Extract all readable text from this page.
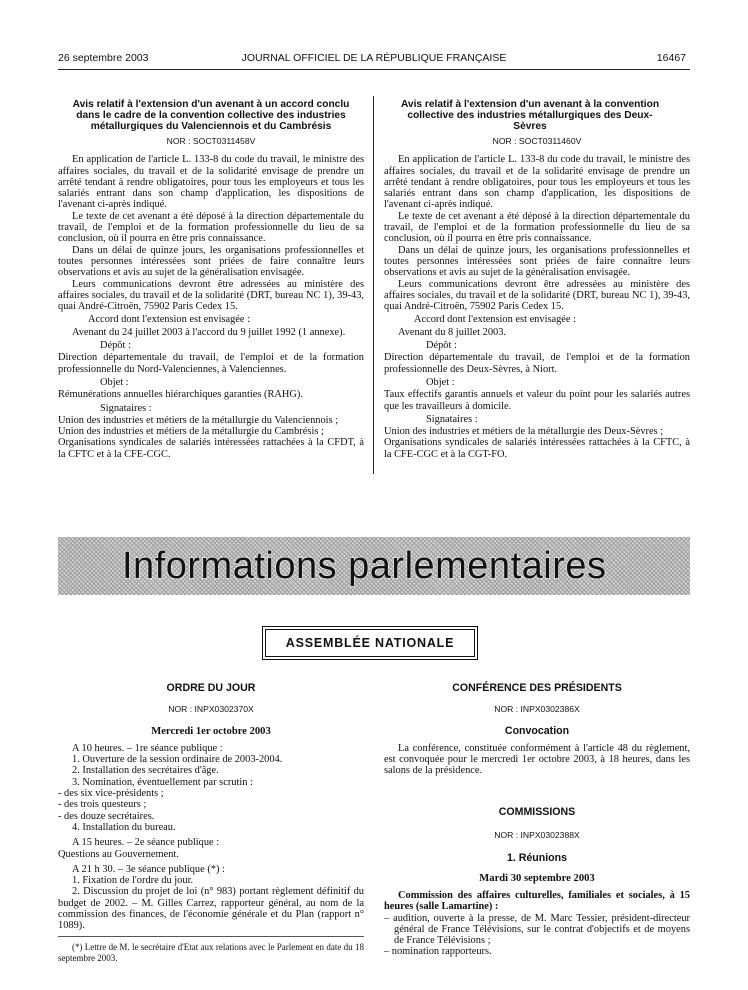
26 septembre 2003	JOURNAL OFFICIEL DE LA RÉPUBLIQUE FRANÇAISE	16467
Avis relatif à l'extension d'un avenant à un accord conclu dans le cadre de la convention collective des industries métallurgiques du Valenciennois et du Cambrésis
NOR : SOCT0311458V

En application de l'article L. 133-8 du code du travail, le ministre des affaires sociales, du travail et de la solidarité envisage de prendre un arrêté tendant à rendre obligatoires, pour tous les employeurs et tous les salariés entrant dans son champ d'application, les dispositions de l'avenant ci-après indiqué.

Le texte de cet avenant a été déposé à la direction départementale du travail, de l'emploi et de la formation professionnelle du lieu de sa conclusion, où il pourra en être pris connaissance.

Dans un délai de quinze jours, les organisations professionnelles et toutes personnes intéressées sont priées de faire connaître leurs observations et avis au sujet de la généralisation envisagée.

Leurs communications devront être adressées au ministère des affaires sociales, du travail et de la solidarité (DRT, bureau NC 1), 39-43, quai André-Citroën, 75902 Paris Cedex 15.

Accord dont l'extension est envisagée :

Avenant du 24 juillet 2003 à l'accord du 9 juillet 1992 (1 annexe).

Dépôt :

Direction départementale du travail, de l'emploi et de la formation professionnelle du Nord-Valenciennes, à Valenciennes.

Objet :

Rémunérations annuelles hiérarchiques garanties (RAHG).

Signataires :

Union des industries et métiers de la métallurgie du Valenciennois ;

Union des industries et métiers de la métallurgie du Cambrésis ;

Organisations syndicales de salariés intéressées rattachées à la CFDT, à la CFTC et à la CFE-CGC.

Avis relatif à l'extension d'un avenant à la convention collective des industries métallurgiques des Deux-Sèvres
NOR : SOCT0311460V

En application de l'article L. 133-8 du code du travail, le ministre des affaires sociales, du travail et de la solidarité envisage de prendre un arrêté tendant à rendre obligatoires, pour tous les employeurs et tous les salariés entrant dans son champ d'application, les dispositions de l'avenant ci-après indiqué.

Le texte de cet avenant a été déposé à la direction départementale du travail, de l'emploi et de la formation professionnelle du lieu de sa conclusion, où il pourra en être pris connaissance.

Dans un délai de quinze jours, les organisations professionnelles et toutes personnes intéressées sont priées de faire connaître leurs observations et avis au sujet de la généralisation envisagée.

Leurs communications devront être adressées au ministère des affaires sociales, du travail et de la solidarité (DRT, bureau NC 1), 39-43, quai André-Citroën, 75902 Paris Cedex 15.

Accord dont l'extension est envisagée :

Avenant du 8 juillet 2003.

Dépôt :

Direction départementale du travail, de l'emploi et de la formation professionnelle des Deux-Sèvres, à Niort.

Objet :

Taux effectifs garantis annuels et valeur du point pour les salariés autres que les travailleurs à domicile.

Signataires :

Union des industries et métiers de la métallurgie des Deux-Sèvres ;

Organisations syndicales de salariés intéressées rattachées à la CFTC, à la CFE-CGC et à la CGT-FO.

Informations parlementaires
ASSEMBLÉE NATIONALE
ORDRE DU JOUR
NOR : INPX0302370X
Mercredi 1er octobre 2003

A 10 heures. – 1re séance publique :

1. Ouverture de la session ordinaire de 2003-2004.

2. Installation des secrétaires d'âge.

3. Nomination, éventuellement par scrutin :

- des six vice-présidents ;

- des trois questeurs ;

- des douze secrétaires.

4. Installation du bureau.

A 15 heures. – 2e séance publique :

Questions au Gouvernement.

A 21 h 30. – 3e séance publique (*) :

1. Fixation de l'ordre du jour.

2. Discussion du projet de loi (n° 983) portant règlement définitif du budget de 2002. – M. Gilles Carrez, rapporteur général, au nom de la commission des finances, de l'économie générale et du Plan (rapport n° 1089).

(*) Lettre de M. le secrétaire d'Etat aux relations avec le Parlement en date du 18 septembre 2003.

CONFÉRENCE DES PRÉSIDENTS
NOR : INPX0302386X
Convocation

La conférence, constituée conformément à l'article 48 du règlement, est convoquée pour le mercredi 1er octobre 2003, à 18 heures, dans les salons de la présidence.

COMMISSIONS
NOR : INPX0302388X
1. Réunions
Mardi 30 septembre 2003

Commission des affaires culturelles, familiales et sociales, à 15 heures (salle Lamartine) :

– audition, ouverte à la presse, de M. Marc Tessier, président-directeur général de France Télévisions, sur le contrat d'objectifs et de moyens de France Télévisions ;

– nomination rapporteurs.
